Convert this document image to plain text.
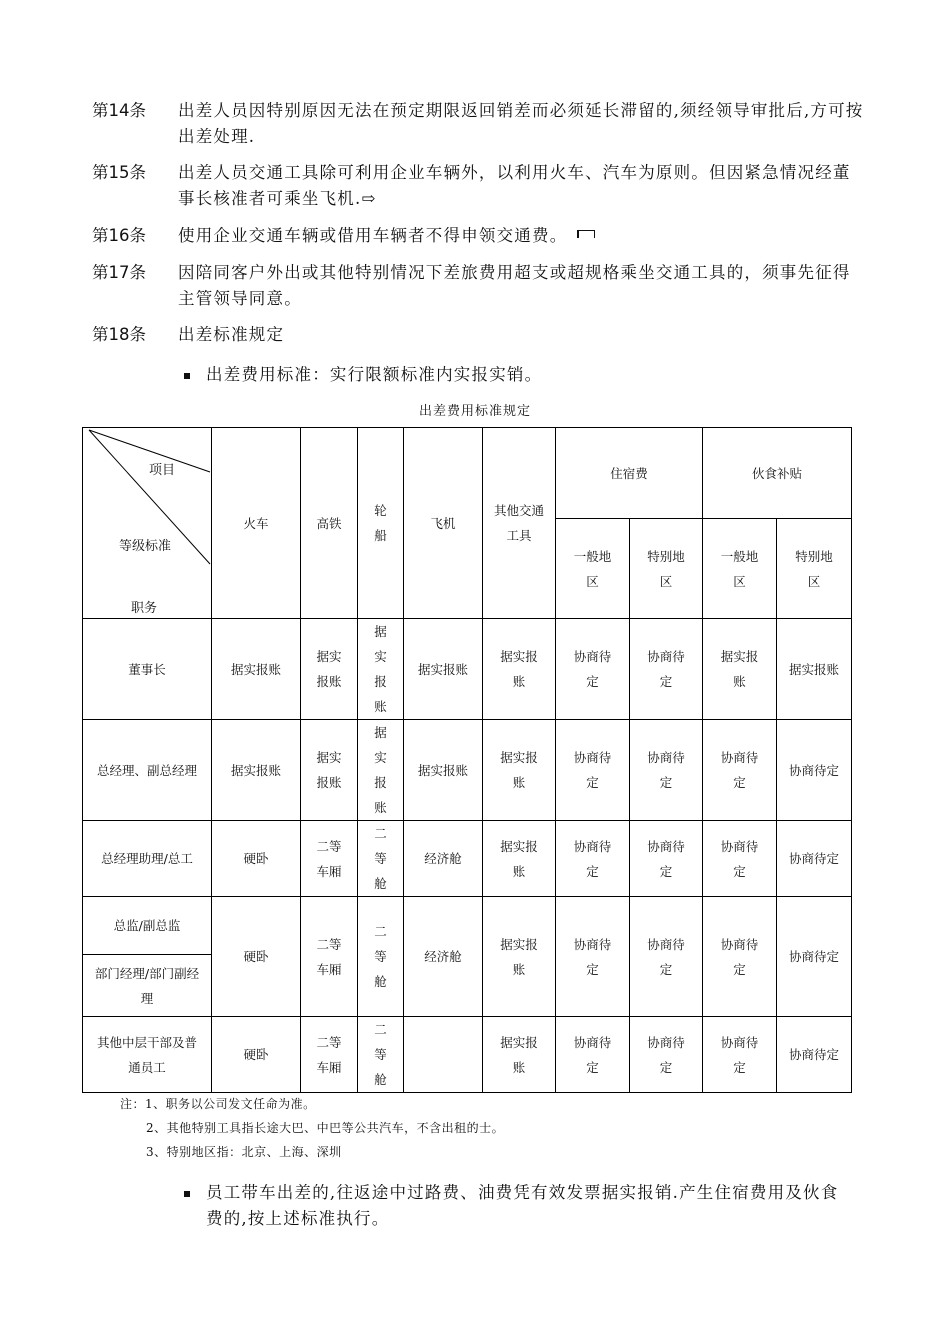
第14条 出差人员因特别原因无法在预定期限返回销差而必须延长滞留的,须经领导审批后,方可按出差处理.
第15条 出差人员交通工具除可利用企业车辆外，以利用火车、汽车为原则。但因紧急情况经董事长核准者可乘坐飞机.⇨
第16条 使用企业交通车辆或借用车辆者不得申领交通费。
第17条 因陪同客户外出或其他特别情况下差旅费用超支或超规格乘坐交通工具的，须事先征得主管领导同意。
第18条 出差标准规定
出差费用标准：实行限额标准内实报实销。
出差费用标准规定
项目
等级标准
职务	火车	高铁	轮船	飞机	其他交通工具	住宿费		伙食补贴	
						一般地区	特别地区	一般地区	特别地区
董事长	据实报账	据实报账	据实报账	据实报账	据实报账	协商待定	协商待定	据实报账	据实报账
总经理、副总经理	据实报账	据实报账	据实报账	据实报账	据实报账	协商待定	协商待定	协商待定	协商待定
总经理助理/总工	硬卧	二等车厢	二等舱	经济舱	据实报账	协商待定	协商待定	协商待定	协商待定
总监/副总监	硬卧	二等车厢	二等舱	经济舱	据实报账	协商待定	协商待定	协商待定	协商待定
部门经理/部门副经理									
其他中层干部及普通员工	硬卧	二等车厢	二等舱		据实报账	协商待定	协商待定	协商待定	协商待定
注：1、职务以公司发文任命为准。
2、其他特别工具指长途大巴、中巴等公共汽车，不含出租的士。
3、特别地区指：北京、上海、深圳
员工带车出差的,往返途中过路费、油费凭有效发票据实报销.产生住宿费用及伙食费的,按上述标准执行。
